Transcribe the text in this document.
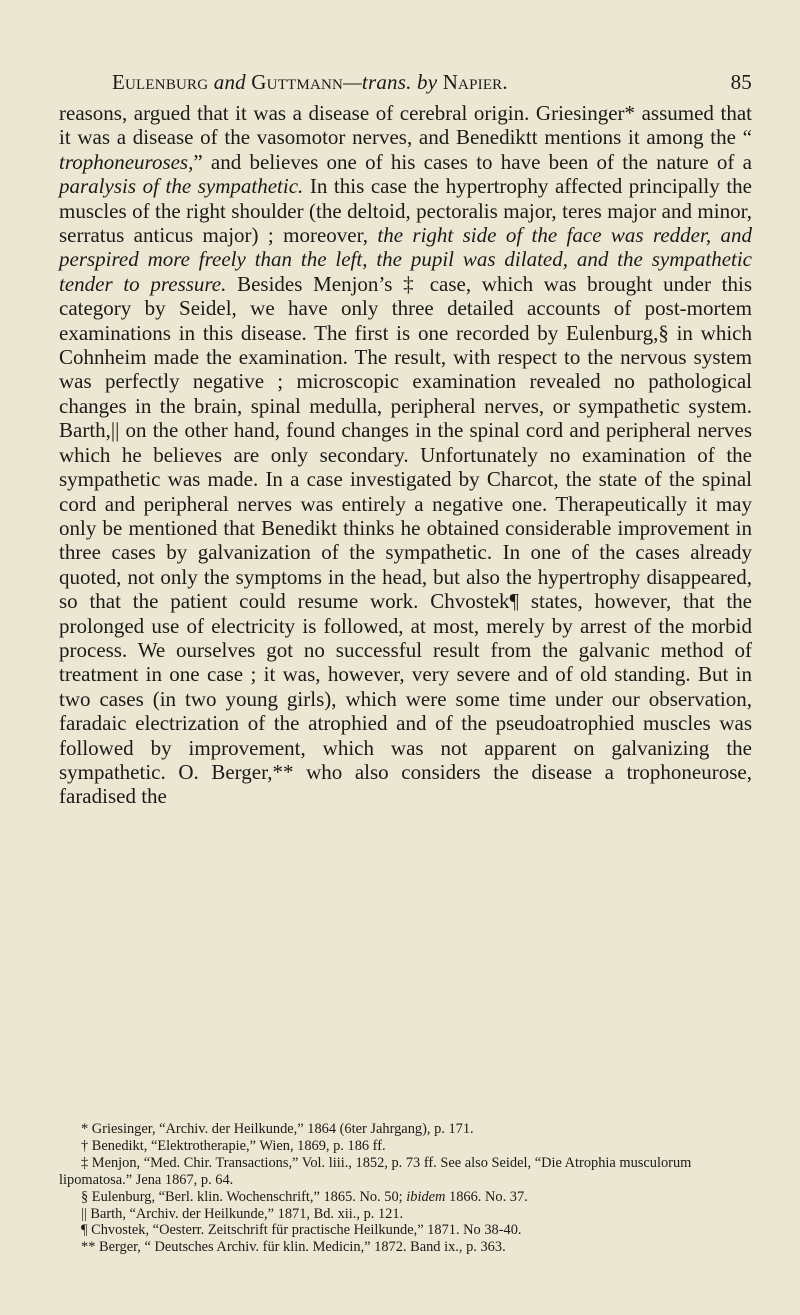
Eulenburg and Guttmann—trans. by Napier.	85

reasons, argued that it was a disease of cerebral origin. Griesinger* assumed that it was a disease of the vasomotor nerves, and Benediktt mentions it among the “ trophoneuroses,” and believes one of his cases to have been of the nature of a paralysis of the sympathetic. In this case the hypertrophy affected principally the muscles of the right shoulder (the deltoid, pectoralis major, teres major and minor, serratus anticus major) ; moreover, the right side of the face was redder, and perspired more freely than the left, the pupil was dilated, and the sympathetic tender to pressure. Besides Menjon’s ‡ case, which was brought under this category by Seidel, we have only three detailed accounts of post-mortem examinations in this disease. The first is one recorded by Eulenburg,§ in which Cohnheim made the examination. The result, with respect to the nervous system was perfectly negative ; microscopic examination revealed no pathological changes in the brain, spinal medulla, peripheral nerves, or sympathetic system. Barth,|| on the other hand, found changes in the spinal cord and peripheral nerves which he believes are only secondary. Unfortunately no examination of the sympathetic was made. In a case investigated by Charcot, the state of the spinal cord and peripheral nerves was entirely a negative one. Therapeutically it may only be mentioned that Benedikt thinks he obtained considerable improvement in three cases by galvanization of the sympathetic. In one of the cases already quoted, not only the symptoms in the head, but also the hypertrophy disappeared, so that the patient could resume work. Chvostek¶ states, however, that the prolonged use of electricity is followed, at most, merely by arrest of the morbid process. We ourselves got no successful result from the galvanic method of treatment in one case ; it was, however, very severe and of old standing. But in two cases (in two young girls), which were some time under our observation, faradaic electrization of the atrophied and of the pseudoatrophied muscles was followed by improvement, which was not apparent on galvanizing the sympathetic. O. Berger,** who also considers the disease a trophoneurose, faradised the

* Griesinger, “Archiv. der Heilkunde,” 1864 (6ter Jahrgang), p. 171.

† Benedikt, “Elektrotherapie,” Wien, 1869, p. 186 ff.

‡ Menjon, “Med. Chir. Transactions,” Vol. liii., 1852, p. 73 ff. See also Seidel, “Die Atrophia musculorum lipomatosa.” Jena 1867, p. 64.

§ Eulenburg, “Berl. klin. Wochenschrift,” 1865. No. 50; ibidem 1866. No. 37.

|| Barth, “Archiv. der Heilkunde,” 1871, Bd. xii., p. 121.

¶ Chvostek, “Oesterr. Zeitschrift für practische Heilkunde,” 1871. No 38-40.

** Berger, “ Deutsches Archiv. für klin. Medicin,” 1872. Band ix., p. 363.
